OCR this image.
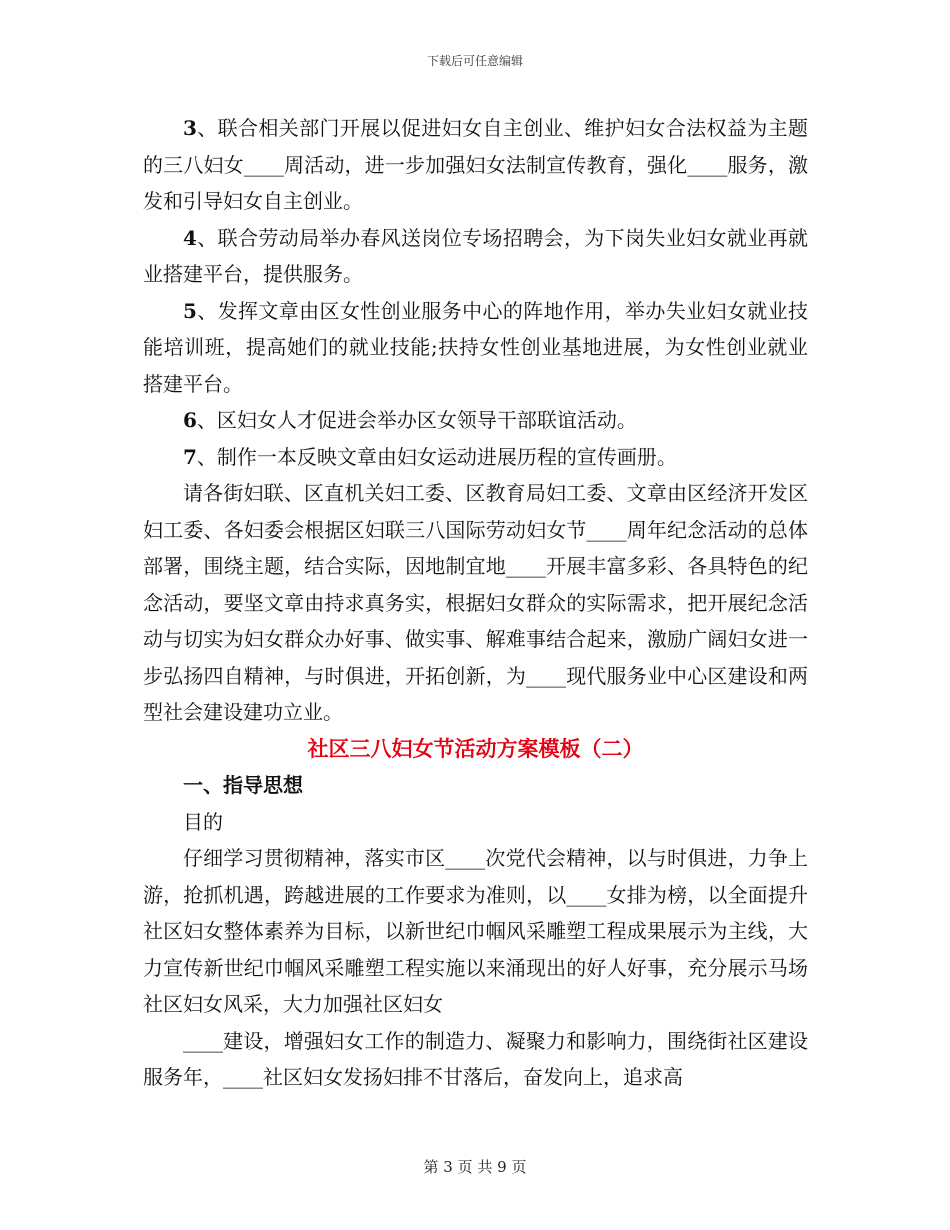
下载后可任意编辑

3、联合相关部门开展以促进妇女自主创业、维护妇女合法权益为主题的三八妇女____周活动，进一步加强妇女法制宣传教育，强化____服务，激发和引导妇女自主创业。

4、联合劳动局举办春风送岗位专场招聘会，为下岗失业妇女就业再就业搭建平台，提供服务。

5、发挥文章由区女性创业服务中心的阵地作用，举办失业妇女就业技能培训班，提高她们的就业技能;扶持女性创业基地进展，为女性创业就业搭建平台。

6、区妇女人才促进会举办区女领导干部联谊活动。

7、制作一本反映文章由妇女运动进展历程的宣传画册。

请各街妇联、区直机关妇工委、区教育局妇工委、文章由区经济开发区妇工委、各妇委会根据区妇联三八国际劳动妇女节____周年纪念活动的总体部署，围绕主题，结合实际，因地制宜地____开展丰富多彩、各具特色的纪念活动，要坚文章由持求真务实，根据妇女群众的实际需求，把开展纪念活动与切实为妇女群众办好事、做实事、解难事结合起来，激励广阔妇女进一步弘扬四自精神，与时俱进，开拓创新，为____现代服务业中心区建设和两型社会建设建功立业。

社区三八妇女节活动方案模板（二）

一、指导思想

目的

仔细学习贯彻精神，落实市区____次党代会精神，以与时俱进，力争上游，抢抓机遇，跨越进展的工作要求为准则，以____女排为榜，以全面提升社区妇女整体素养为目标，以新世纪巾帼风采雕塑工程成果展示为主线，大力宣传新世纪巾帼风采雕塑工程实施以来涌现出的好人好事，充分展示马场社区妇女风采，大力加强社区妇女

____建设，增强妇女工作的制造力、凝聚力和影响力，围绕街社区建设服务年，____社区妇女发扬妇排不甘落后，奋发向上，追求高

第 3 页 共 9 页
